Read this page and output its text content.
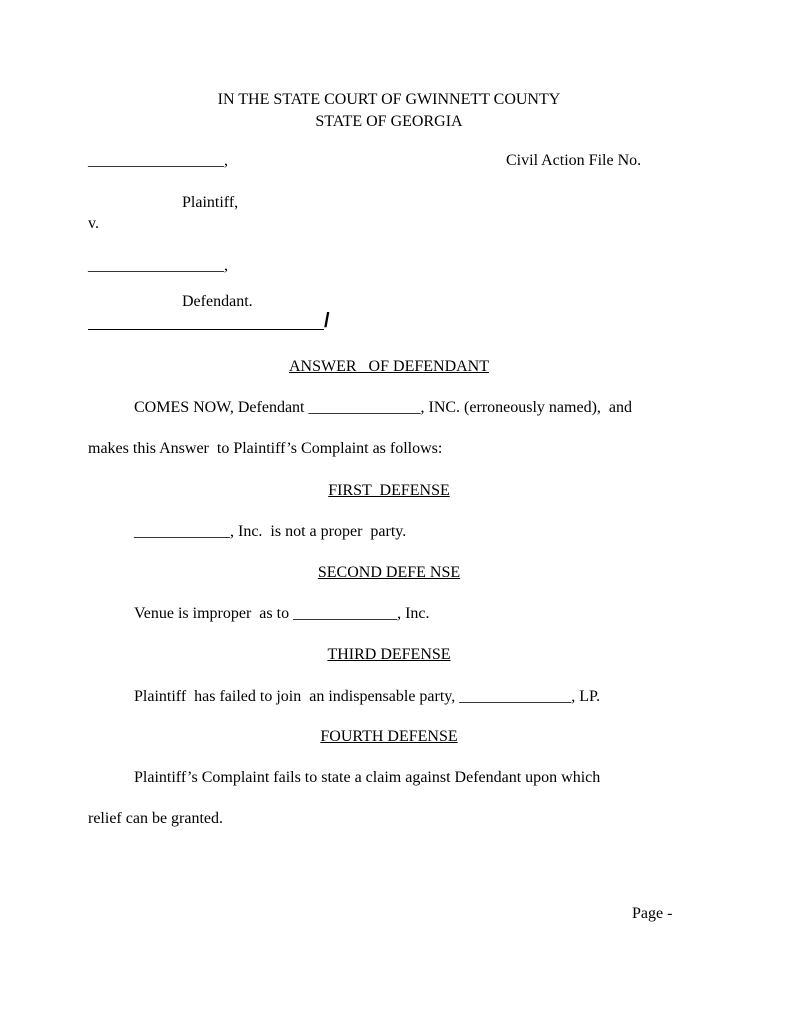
IN THE STATE COURT OF GWINNETT COUNTY
STATE OF GEORGIA
_________________,	Civil Action File No.
Plaintiff,
v.
_________________,
Defendant.
/
ANSWER   OF DEFENDANT
COMES NOW, Defendant ______________, INC. (erroneously named),  and
makes this Answer  to Plaintiff’s Complaint as follows:
FIRST  DEFENSE
____________, Inc.  is not a proper  party.
SECOND DEFE NSE
Venue is improper  as to _____________, Inc.
THIRD DEFENSE
Plaintiff  has failed to join  an indispensable party, ______________, LP.
FOURTH DEFENSE
Plaintiff’s Complaint fails to state a claim against Defendant upon which
relief can be granted.
Page -
